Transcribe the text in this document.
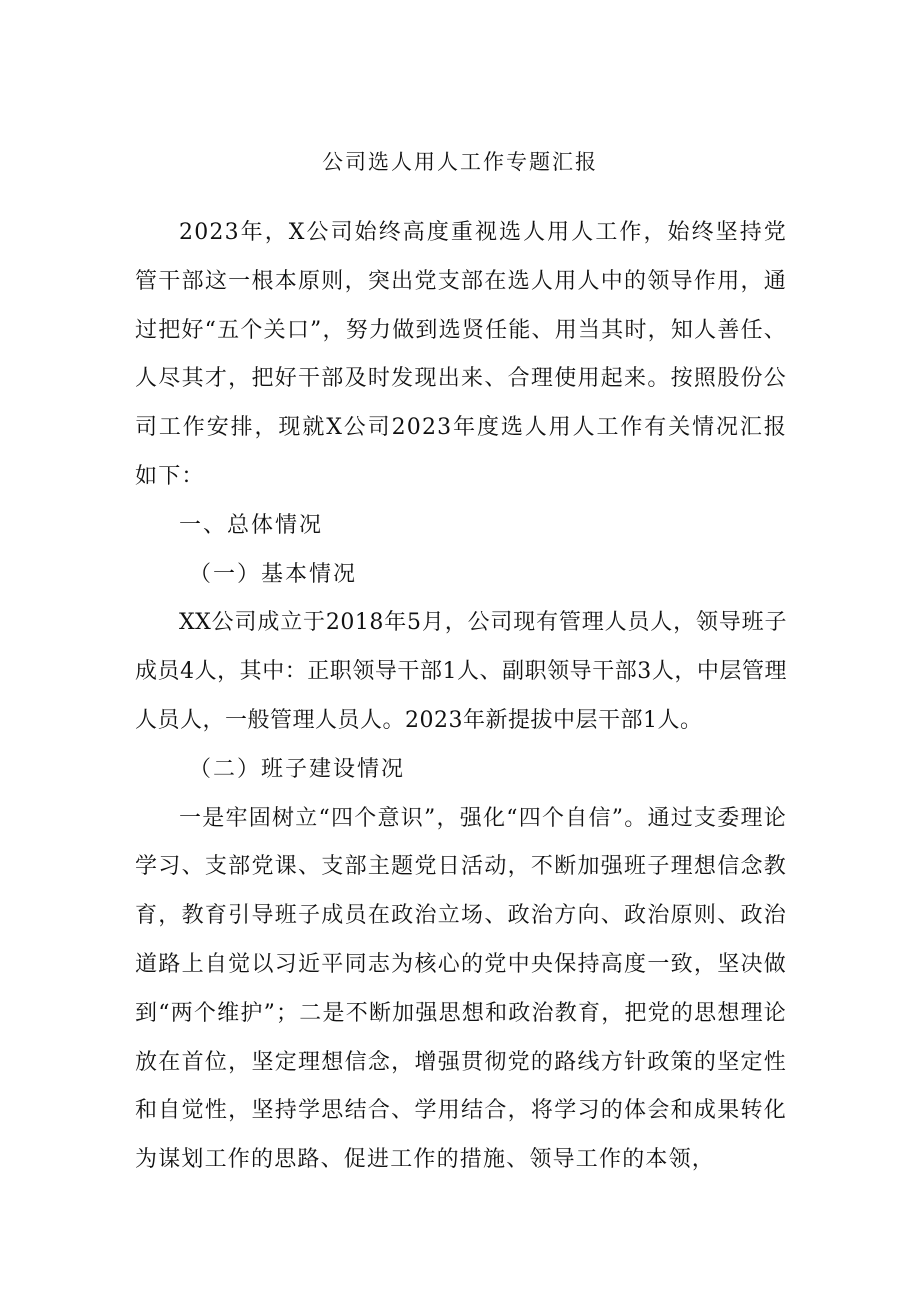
公司选人用人工作专题汇报

2023年，X公司始终高度重视选人用人工作，始终坚持党管干部这一根本原则，突出党支部在选人用人中的领导作用，通过把好“五个关口”，努力做到选贤任能、用当其时，知人善任、人尽其才，把好干部及时发现出来、合理使用起来。按照股份公司工作安排，现就X公司2023年度选人用人工作有关情况汇报如下：

一、总体情况

（一）基本情况

XX公司成立于2018年5月，公司现有管理人员人，领导班子成员4人，其中：正职领导干部1人、副职领导干部3人，中层管理人员人，一般管理人员人。2023年新提拔中层干部1人。

（二）班子建设情况

一是牢固树立“四个意识”，强化“四个自信”。通过支委理论学习、支部党课、支部主题党日活动，不断加强班子理想信念教育，教育引导班子成员在政治立场、政治方向、政治原则、政治道路上自觉以习近平同志为核心的党中央保持高度一致，坚决做到“两个维护”；二是不断加强思想和政治教育，把党的思想理论放在首位，坚定理想信念，增强贯彻党的路线方针政策的坚定性和自觉性，坚持学思结合、学用结合，将学习的体会和成果转化为谋划工作的思路、促进工作的措施、领导工作的本领，
